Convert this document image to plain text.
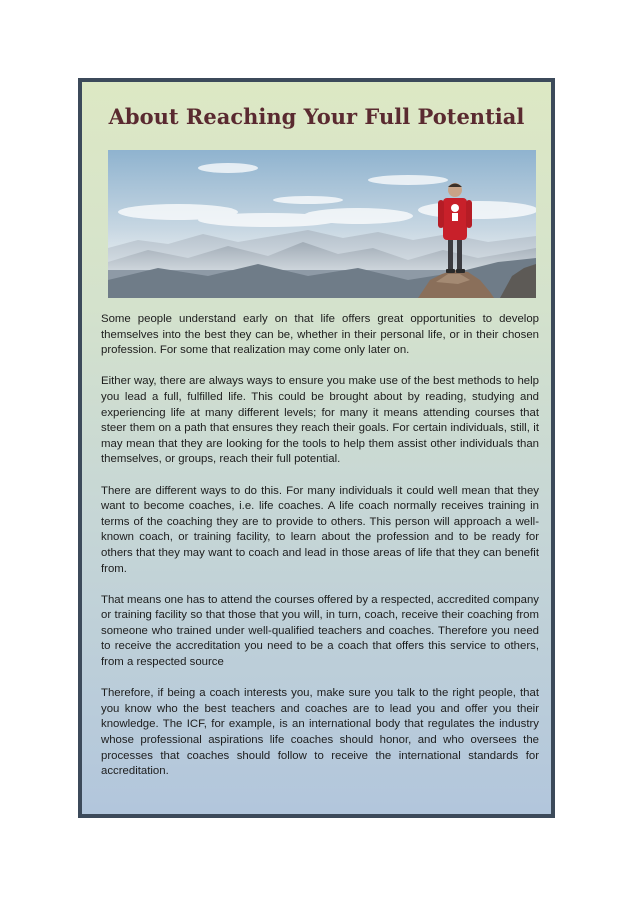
About Reaching Your Full Potential

Some people understand early on that life offers great opportunities to develop themselves into the best they can be, whether in their personal life, or in their chosen profession. For some that realization may come only later on.

Either way, there are always ways to ensure you make use of the best methods to help you lead a full, fulfilled life. This could be brought about by reading, studying and experiencing life at many different levels; for many it means attending courses that steer them on a path that ensures they reach their goals. For certain individuals, still, it may mean that they are looking for the tools to help them assist other individuals than themselves, or groups, reach their full potential.

There are different ways to do this. For many individuals it could well mean that they want to become coaches, i.e. life coaches. A life coach normally receives training in terms of the coaching they are to provide to others. This person will approach a well-known coach, or training facility, to learn about the profession and to be ready for others that they may want to coach and lead in those areas of life that they can benefit from.

That means one has to attend the courses offered by a respected, accredited company or training facility so that those that you will, in turn, coach, receive their coaching from someone who trained under well-qualified teachers and coaches. Therefore you need to receive the accreditation you need to be a coach that offers this service to others, from a respected source

Therefore, if being a coach interests you, make sure you talk to the right people, that you know who the best teachers and coaches are to lead you and offer you their knowledge. The ICF, for example, is an international body that regulates the industry whose professional aspirations life coaches should honor, and who oversees the processes that coaches should follow to receive the international standards for accreditation.
